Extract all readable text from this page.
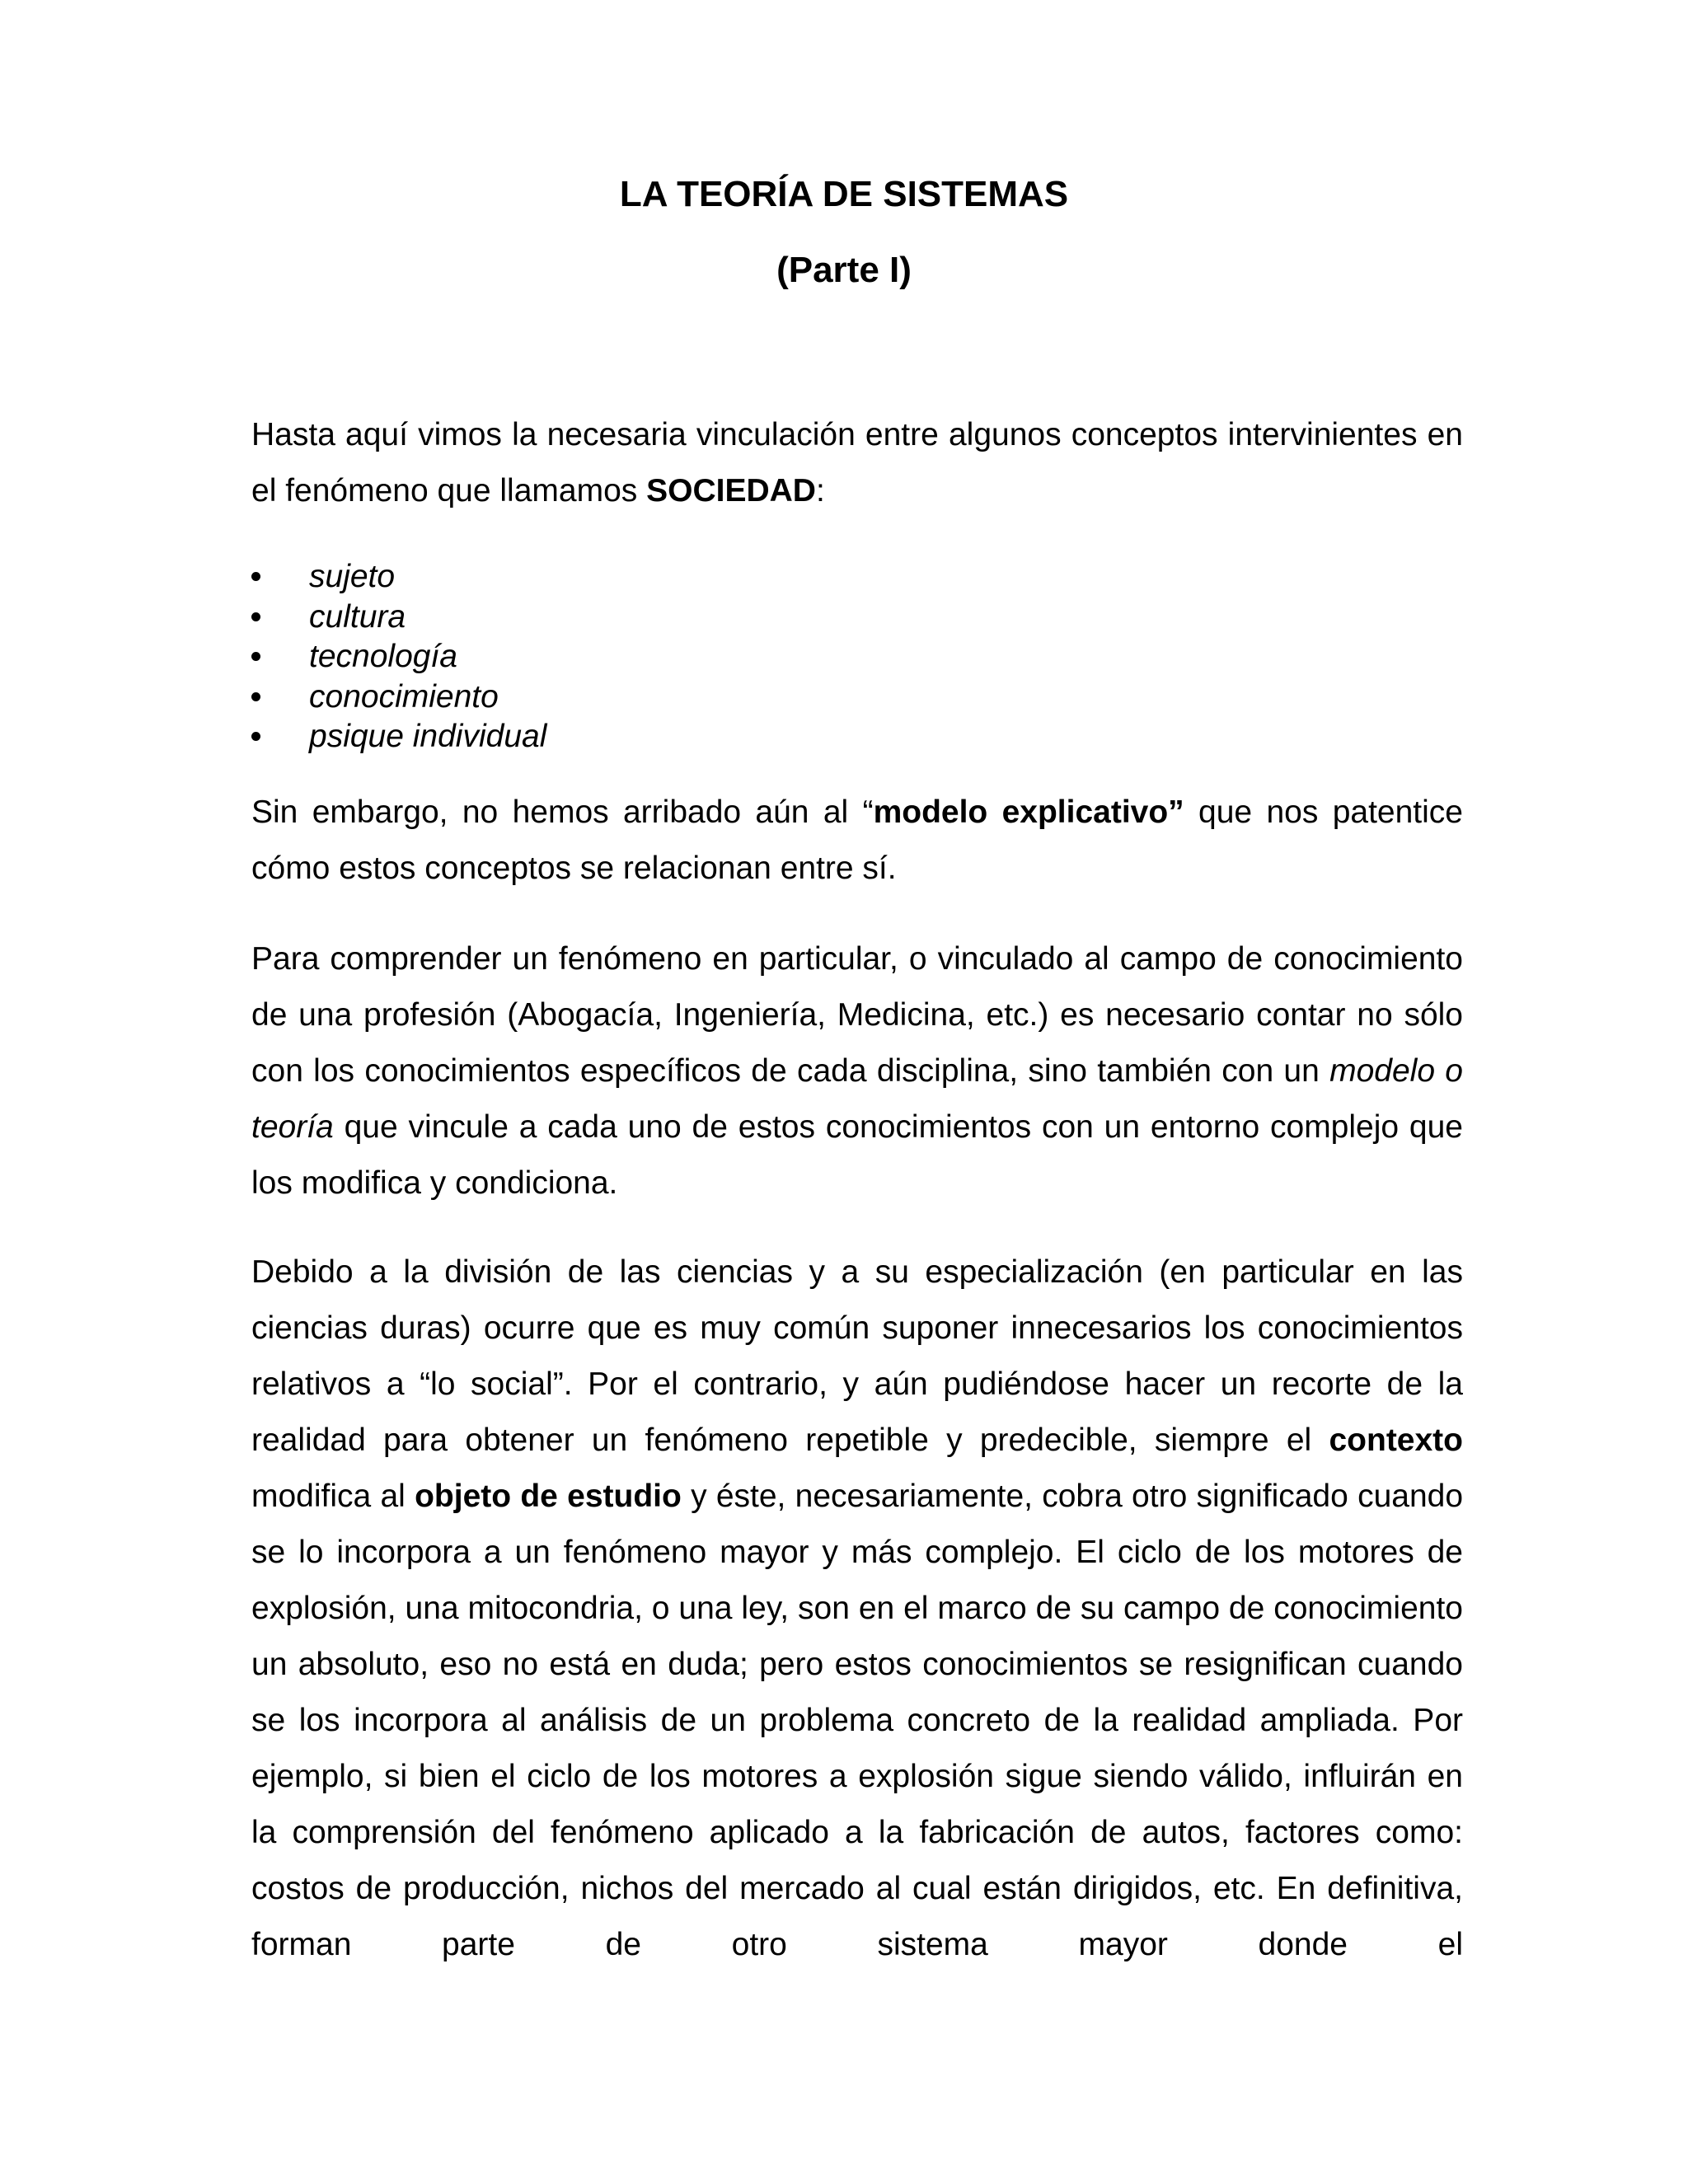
LA TEORÍA DE SISTEMAS
(Parte I)

Hasta aquí vimos la necesaria vinculación entre algunos conceptos intervinientes en el fenómeno que llamamos SOCIEDAD:

sujeto
cultura
tecnología
conocimiento
psique individual

Sin embargo, no hemos arribado aún al “modelo explicativo” que nos patentice cómo estos conceptos se relacionan entre sí.

Para comprender un fenómeno en particular, o vinculado al campo de conocimiento de una profesión (Abogacía, Ingeniería, Medicina, etc.) es necesario contar no sólo con los conocimientos específicos de cada disciplina, sino también con un modelo o teoría que vincule a cada uno de estos conocimientos con un entorno complejo que los modifica y condiciona.

Debido a la división de las ciencias y a su especialización (en particular en las ciencias duras) ocurre que es muy común suponer innecesarios los conocimientos relativos a “lo social”. Por el contrario, y aún pudiéndose hacer un recorte de la realidad para obtener un fenómeno repetible y predecible, siempre el contexto modifica al objeto de estudio y éste, necesariamente, cobra otro significado cuando se lo incorpora a un fenómeno mayor y más complejo. El ciclo de los motores de explosión, una mitocondria, o una ley, son en el marco de su campo de conocimiento un absoluto, eso no está en duda; pero estos conocimientos se resignifican cuando se los incorpora al análisis de un problema concreto de la realidad ampliada. Por ejemplo, si bien el ciclo de los motores a explosión sigue siendo válido, influirán en la comprensión del fenómeno aplicado a la fabricación de autos, factores como: costos de producción, nichos del mercado al cual están dirigidos, etc. En definitiva, forman parte de otro sistema mayor donde el
